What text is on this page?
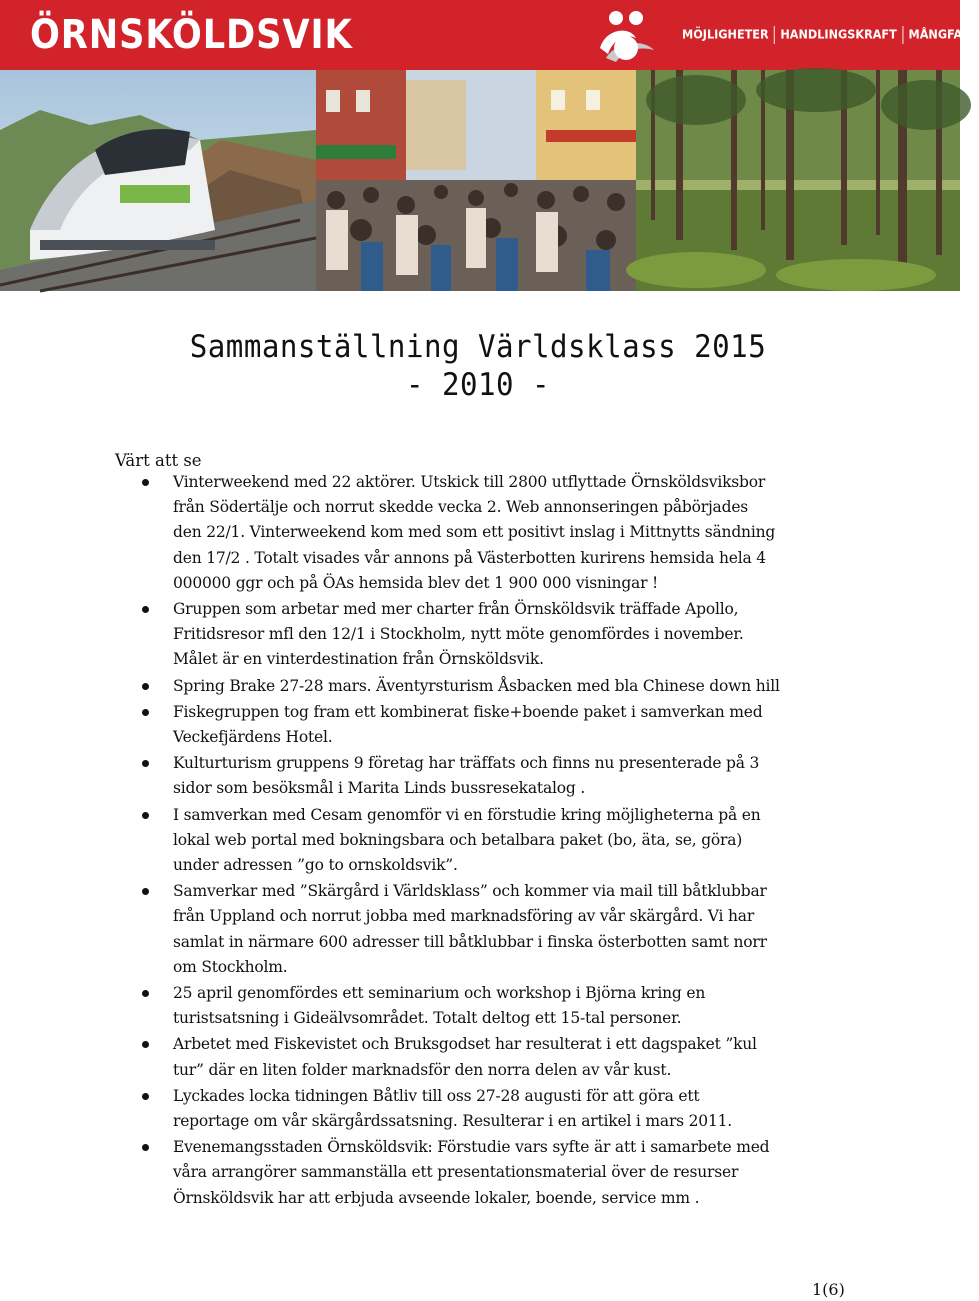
ÖRNSKÖLDSVIK	MÖJLIGHETER HANDLINGSKRAFT MÅNGFALD
Sammanställning Världsklass 2015
- 2010 -
Värt att se
Vinterweekend med 22 aktörer. Utskick till 2800 utflyttade Örnsköldsviksbor från Södertälje och norrut skedde vecka 2. Web annonseringen påbörjades den 22/1. Vinterweekend kom med som ett positivt inslag i Mittnytts sändning den 17/2 . Totalt visades vår annons på Västerbotten kurirens hemsida hela 4 000000 ggr och på ÖAs hemsida blev det 1 900 000 visningar !
Gruppen som arbetar med mer charter från Örnsköldsvik träffade Apollo, Fritidsresor mfl den 12/1 i Stockholm, nytt möte genomfördes i november. Målet är en vinterdestination från Örnsköldsvik.
Spring Brake 27-28 mars. Äventyrsturism Åsbacken med bla Chinese down hill
Fiskegruppen tog fram ett kombinerat fiske+boende paket i samverkan med Veckefjärdens Hotel.
Kulturturism gruppens 9 företag har träffats och finns nu presenterade på 3 sidor som besöksmål i Marita Linds bussresekatalog .
I samverkan med Cesam genomför vi en förstudie kring möjligheterna på en lokal web portal med bokningsbara och betalbara paket (bo, äta, se, göra) under adressen ”go to ornskoldsvik”.
Samverkar med ”Skärgård i Världsklass” och kommer via mail till båtklubbar från Uppland och norrut jobba med marknadsföring av vår skärgård. Vi har samlat in närmare 600 adresser till båtklubbar i finska österbotten samt norr om Stockholm.
25 april genomfördes ett seminarium och workshop i Björna kring en turistsatsning i Gideälvsområdet. Totalt deltog ett 15-tal personer.
Arbetet med Fiskevistet och Bruksgodset har resulterat i ett dagspaket ”kul tur” där en liten folder marknadsför den norra delen av vår kust.
Lyckades locka tidningen Båtliv till oss 27-28 augusti för att göra ett reportage om vår skärgårdssatsning. Resulterar i en artikel i mars 2011.
Evenemangsstaden Örnsköldsvik: Förstudie vars syfte är att i samarbete med våra arrangörer sammanställa ett presentationsmaterial över de resurser Örnsköldsvik har att erbjuda avseende lokaler, boende, service mm .
1(6)
